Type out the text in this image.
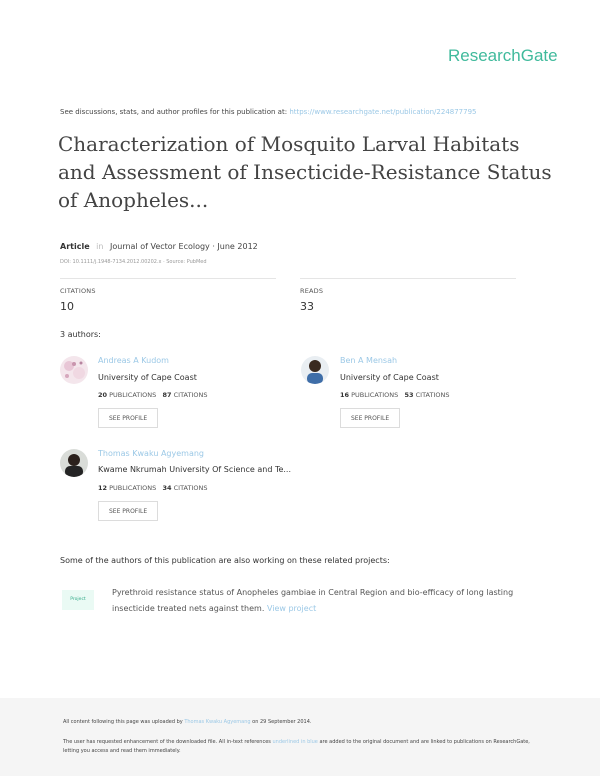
ResearchGate
See discussions, stats, and author profiles for this publication at: https://www.researchgate.net/publication/224877795
Characterization of Mosquito Larval Habitats and Assessment of Insecticide-Resistance Status of Anopheles...
Article in Journal of Vector Ecology · June 2012
DOI: 10.1111/j.1948-7134.2012.00202.x · Source: PubMed
CITATIONS
10
READS
33
3 authors:
Andreas A Kudom
University of Cape Coast
20 PUBLICATIONS 87 CITATIONS
SEE PROFILE
Ben A Mensah
University of Cape Coast
16 PUBLICATIONS 53 CITATIONS
SEE PROFILE
Thomas Kwaku Agyemang
Kwame Nkrumah University Of Science and Te...
12 PUBLICATIONS 34 CITATIONS
SEE PROFILE
Some of the authors of this publication are also working on these related projects:
Project
Pyrethroid resistance status of Anopheles gambiae in Central Region and bio-efficacy of long lasting insecticide treated nets against them. View project
All content following this page was uploaded by Thomas Kwaku Agyemang on 29 September 2014.
The user has requested enhancement of the downloaded file. All in-text references underlined in blue are added to the original document and are linked to publications on ResearchGate, letting you access and read them immediately.
